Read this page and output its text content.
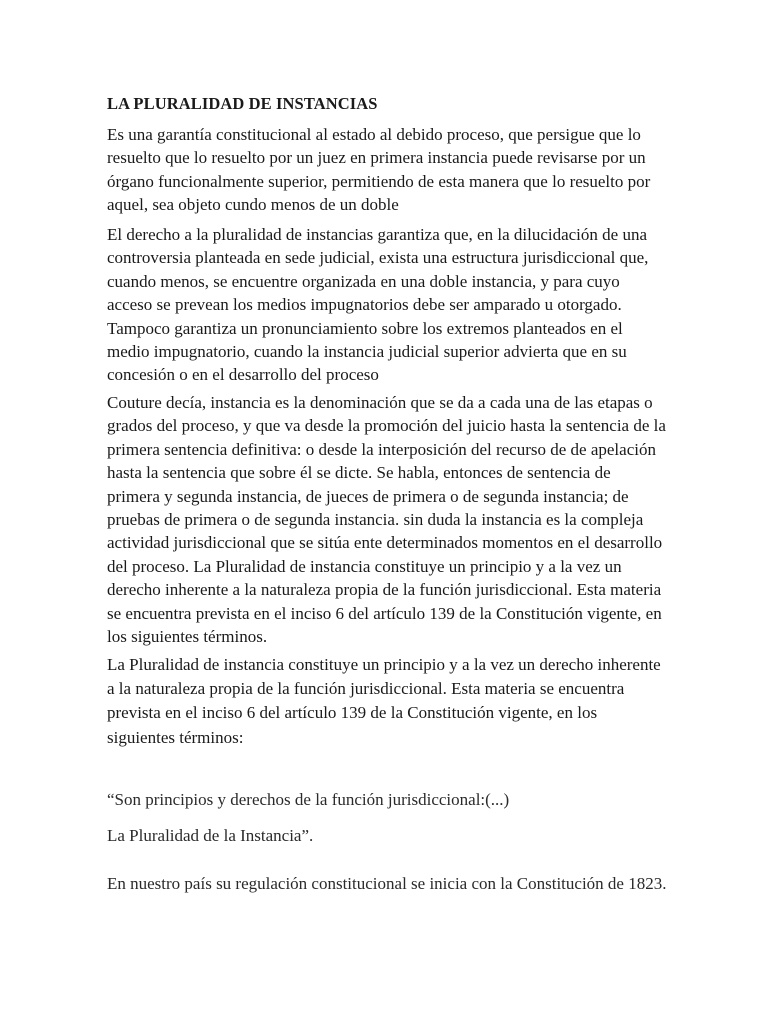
LA PLURALIDAD DE INSTANCIAS

Es una garantía constitucional al estado al debido proceso, que persigue que lo resuelto que lo resuelto por un juez en primera instancia puede revisarse por un órgano funcionalmente superior, permitiendo de esta manera que lo resuelto por aquel, sea objeto cundo menos de un doble

El derecho a la pluralidad de instancias garantiza que, en la dilucidación de una controversia planteada en sede judicial, exista una estructura jurisdiccional que, cuando menos, se encuentre organizada en una doble instancia, y para cuyo acceso se prevean los medios impugnatorios debe ser amparado u otorgado. Tampoco garantiza un pronunciamiento sobre los extremos planteados en el medio impugnatorio, cuando la instancia judicial superior advierta que en su concesión o en el desarrollo del proceso

Couture decía, instancia es la denominación que se da a cada una de las etapas o grados del proceso, y que va desde la promoción del juicio hasta la sentencia de la primera sentencia definitiva: o desde la interposición del recurso de de apelación hasta la sentencia que sobre él se dicte. Se habla, entonces de sentencia de primera y segunda instancia, de jueces de primera o de segunda instancia; de pruebas de primera o de segunda instancia. sin duda la instancia es la compleja actividad jurisdiccional que se sitúa ente determinados momentos en el desarrollo del proceso. La Pluralidad de instancia constituye un principio y a la vez un derecho inherente a la naturaleza propia de la función jurisdiccional. Esta materia se encuentra prevista en el inciso 6 del artículo 139 de la Constitución vigente, en los siguientes términos.

La Pluralidad de instancia constituye un principio y a la vez un derecho inherente a la naturaleza propia de la función jurisdiccional. Esta materia se encuentra prevista en el inciso 6 del artículo 139 de la Constitución vigente, en los siguientes términos:

“Son principios y derechos de la función jurisdiccional:(...)

La Pluralidad de la Instancia”.

En nuestro país su regulación constitucional se inicia con la Constitución de 1823.
